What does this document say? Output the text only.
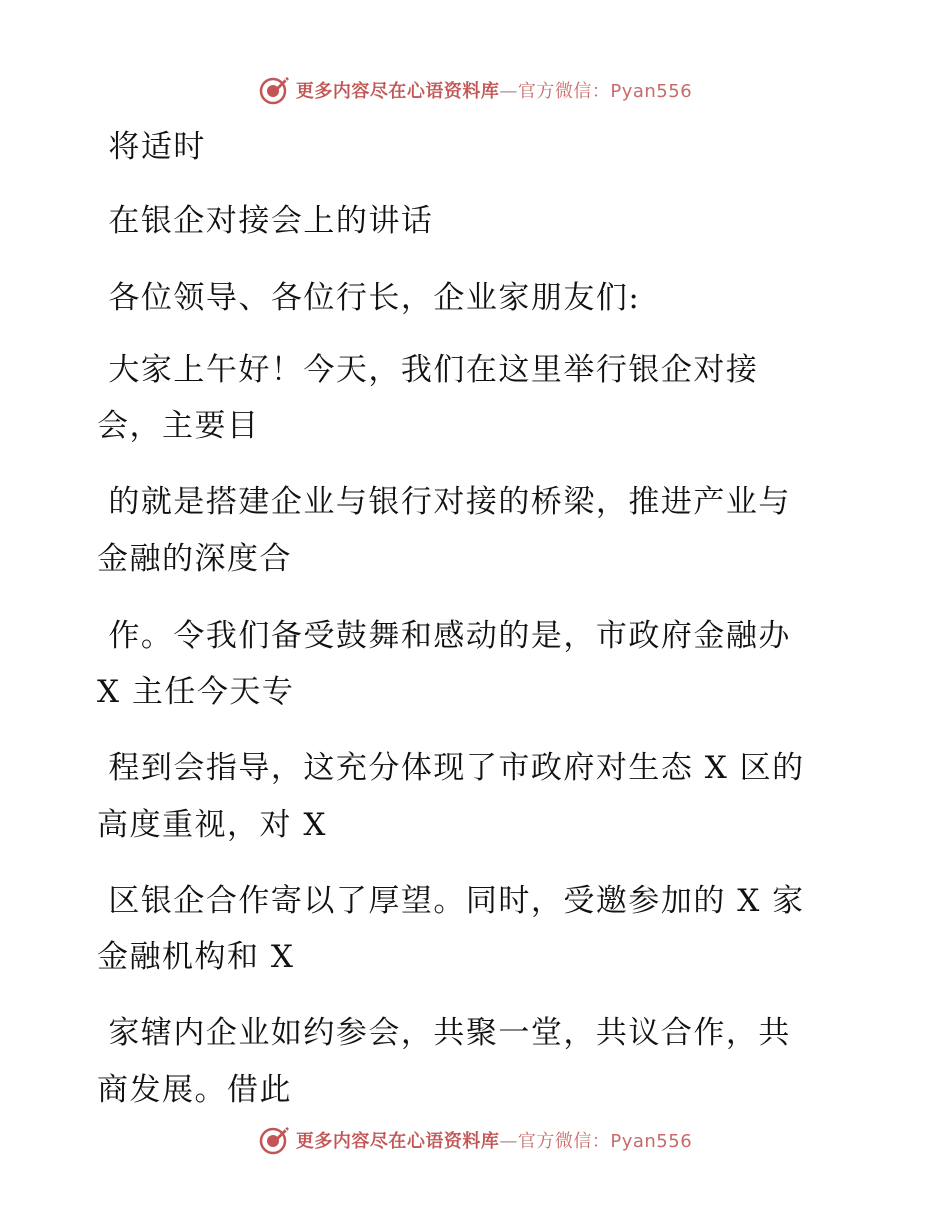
更多内容尽在心语资料库—官方微信：Pyan556
将适时
在银企对接会上的讲话
各位领导、各位行长，企业家朋友们:
大家上午好！今天，我们在这里举行银企对接
会，主要目
的就是搭建企业与银行对接的桥梁，推进产业与
金融的深度合
作。令我们备受鼓舞和感动的是，市政府金融办
X 主任今天专
程到会指导，这充分体现了市政府对生态 X 区的
高度重视，对 X
区银企合作寄以了厚望。同时，受邀参加的 X 家
金融机构和 X
家辖内企业如约参会，共聚一堂，共议合作，共
商发展。借此
更多内容尽在心语资料库—官方微信：Pyan556
